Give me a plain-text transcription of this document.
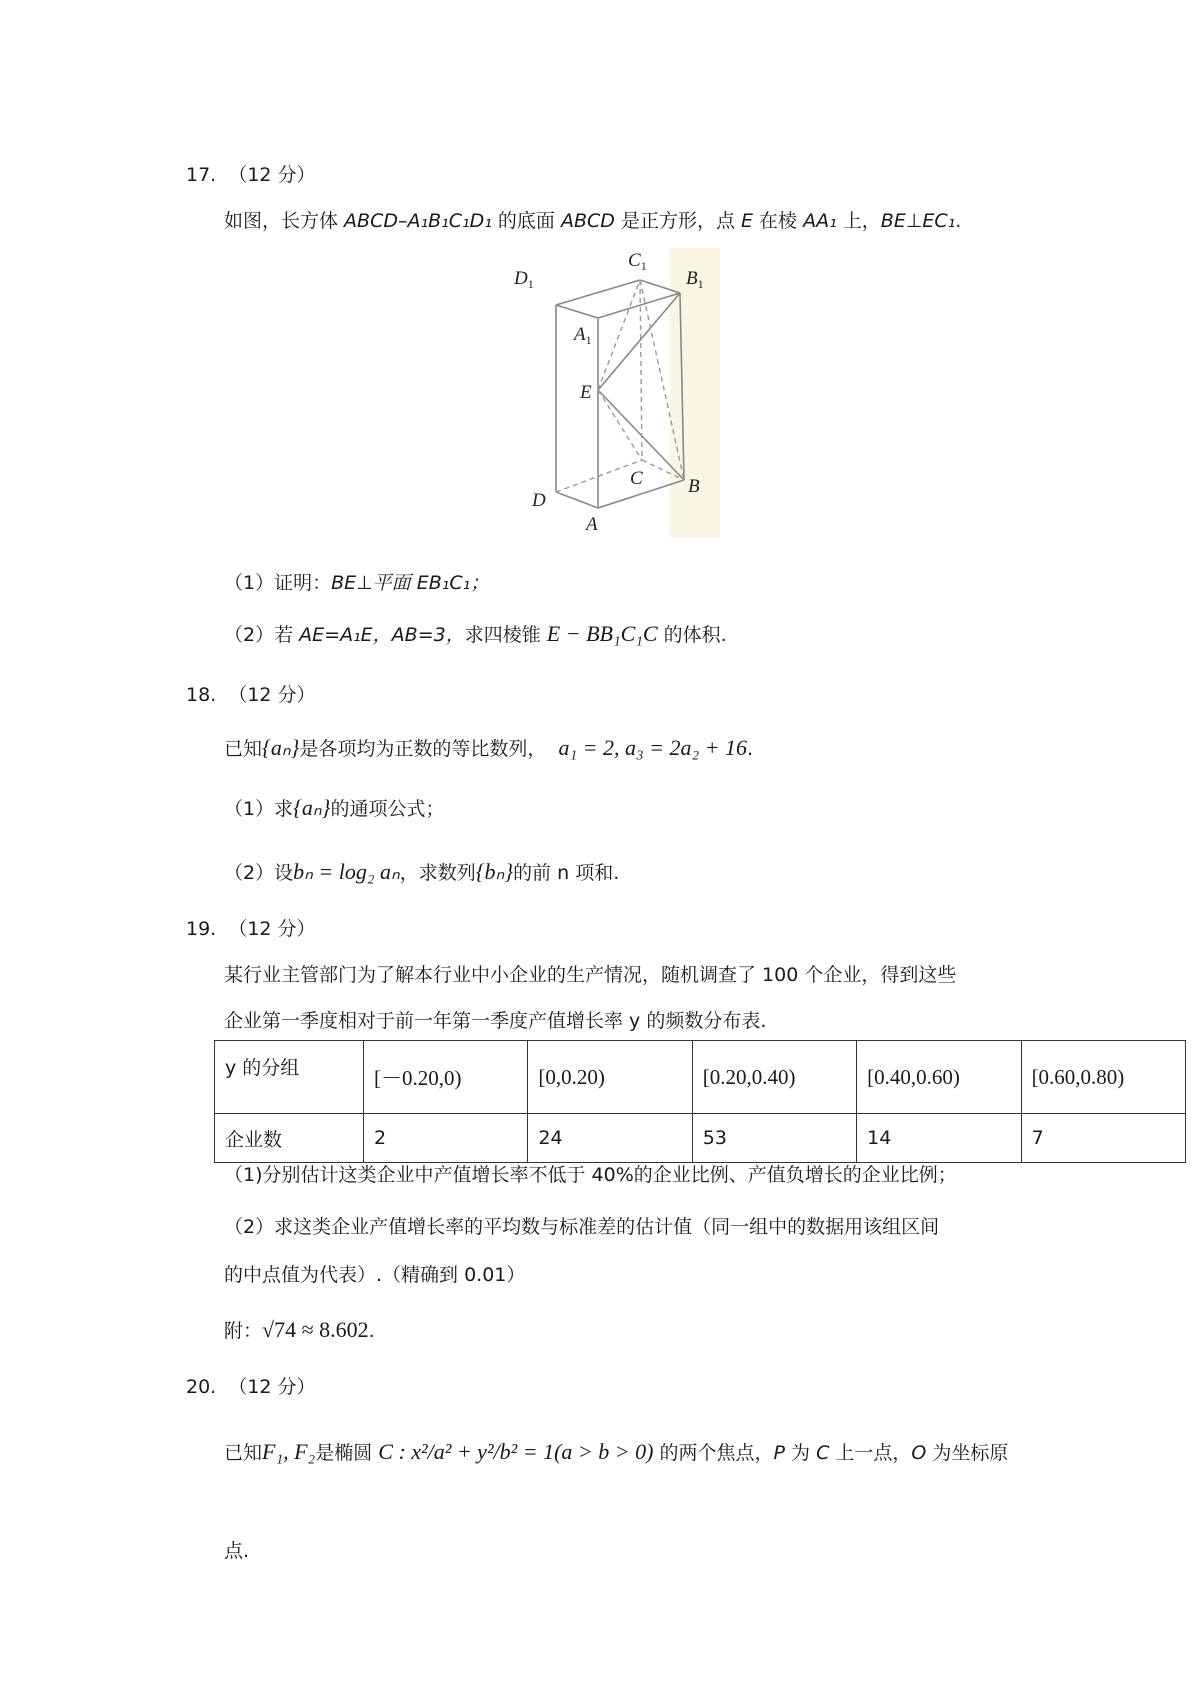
17. （12 分）
如图，长方体 ABCD–A₁B₁C₁D₁ 的底面 ABCD 是正方形，点 E 在棱 AA₁ 上，BE⊥EC₁.
$C_1$
$D_1$	$B_1$
$A_1$
E
C B
D
A
（1）证明：BE⊥平面 EB₁C₁；
（2）若 AE=A₁E，AB=3，求四棱锥 E − BB₁C₁C 的体积.
18. （12 分）
已知{aₙ}是各项均为正数的等比数列， a₁ = 2, a₃ = 2a₂ + 16.
（1）求{aₙ}的通项公式；
（2）设bₙ = log₂ aₙ，求数列{bₙ}的前 n 项和.
19. （12 分）
某行业主管部门为了解本行业中小企业的生产情况，随机调查了 100 个企业，得到这些
企业第一季度相对于前一年第一季度产值增长率 y 的频数分布表.
y 的分组	[－0.20,0)	[0,0.20)	[0.20,0.40)	[0.40,0.60)	[0.60,0.80)
企业数	2	24	53	14	7
（1)分别估计这类企业中产值增长率不低于 40%的企业比例、产值负增长的企业比例；
（2）求这类企业产值增长率的平均数与标准差的估计值（同一组中的数据用该组区间
的中点值为代表）.（精确到 0.01）
附：√74 ≈ 8.602.
20. （12 分）
已知F₁, F₂是椭圆 C : x²/a² + y²/b² = 1(a > b > 0) 的两个焦点，P 为 C 上一点，O 为坐标原
点.
